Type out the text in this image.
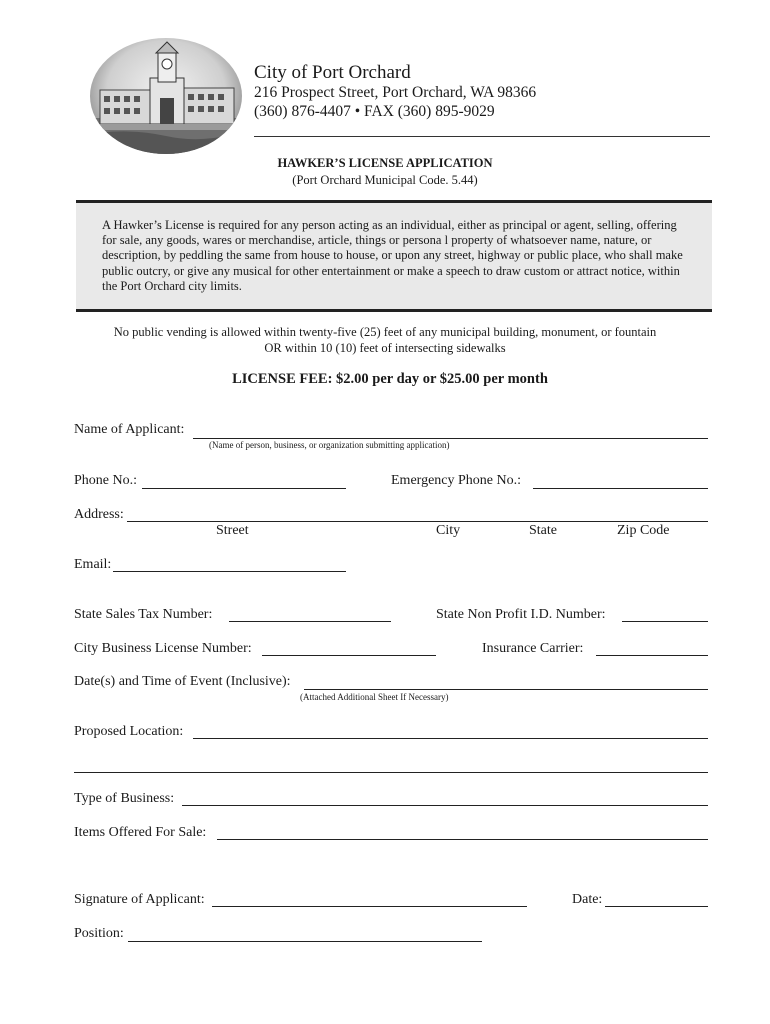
City of Port Orchard
216 Prospect Street, Port Orchard, WA 98366
(360) 876-4407 • FAX (360) 895-9029
HAWKER’S LICENSE APPLICATION
(Port Orchard Municipal Code. 5.44)
A Hawker’s License is required for any person acting as an individual, either as principal or agent, selling, offering for sale, any goods, wares or merchandise, article, things or persona l property of whatsoever name, nature, or description, by peddling the same from house to house, or upon any street, highway or public place, who shall make public outcry, or give any musical for other entertainment or make a speech to draw custom or attract notice, within the Port Orchard city limits.
No public vending is allowed within twenty-five (25) feet of any municipal building, monument, or fountain
OR within 10 (10) feet of intersecting sidewalks
LICENSE FEE: $2.00 per day or $25.00 per month
Name of Applicant:
(Name of person, business, or organization submitting application)
Phone No.:	Emergency Phone No.:
Address:
Street	City	State	Zip Code
Email:
State Sales Tax Number:	State Non Profit I.D. Number:
City Business License Number:	Insurance Carrier:
Date(s) and Time of Event (Inclusive):
(Attached Additional Sheet If Necessary)
Proposed Location:
Type of Business:
Items Offered For Sale:
Signature of Applicant:	Date:
Position:
